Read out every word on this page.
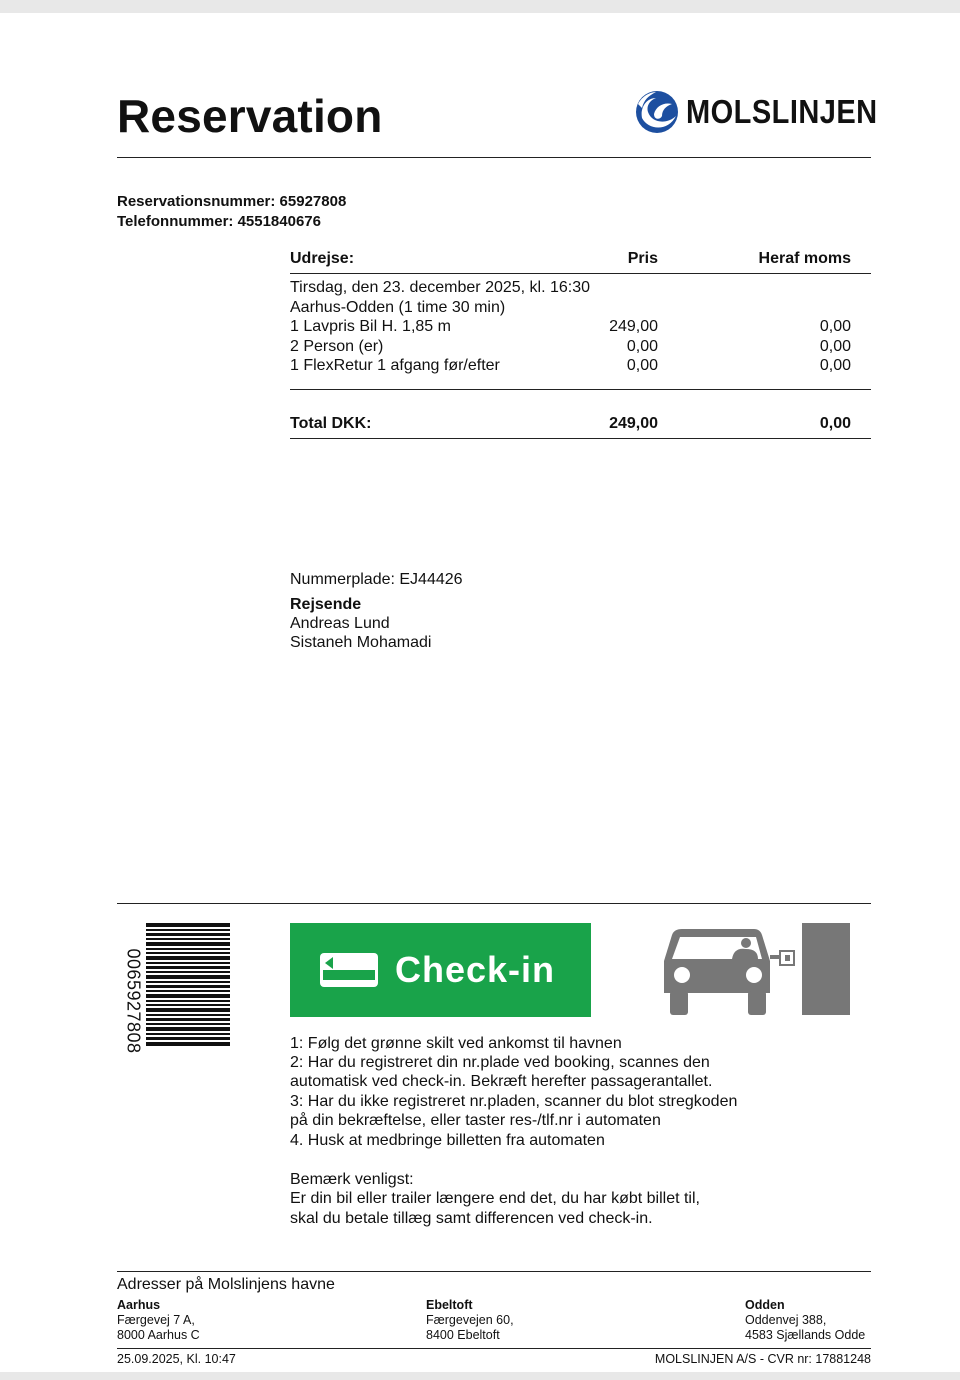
Reservation	MOLSLINJEN
Reservationsnummer: 65927808
Telefonnummer: 4551840676
Udrejse:	Pris	Heraf moms
Tirsdag, den 23. december 2025, kl. 16:30
Aarhus-Odden (1 time 30 min)
1 Lavpris Bil H. 1,85 m	249,00	0,00
2 Person (er)	0,00	0,00
1 FlexRetur 1 afgang før/efter	0,00	0,00
Total DKK:	249,00	0,00
Nummerplade: EJ44426
Rejsende
Andreas Lund
Sistaneh Mohamadi
0065927808	Check-in
1: Følg det grønne skilt ved ankomst til havnen
2: Har du registreret din nr.plade ved booking, scannes den
automatisk ved check-in. Bekræft herefter passagerantallet.
3: Har du ikke registreret nr.pladen, scanner du blot stregkoden
på din bekræftelse, eller taster res-/tlf.nr i automaten
4. Husk at medbringe billetten fra automaten
Bemærk venligst:
Er din bil eller trailer længere end det, du har købt billet til,
skal du betale tillæg samt differencen ved check-in.
Adresser på Molslinjens havne
Aarhus
Færgevej 7 A,
8000 Aarhus C
Ebeltoft
Færgevejen 60,
8400 Ebeltoft
Odden
Oddenvej 388,
4583 Sjællands Odde
25.09.2025, Kl. 10:47	MOLSLINJEN A/S - CVR nr: 17881248
